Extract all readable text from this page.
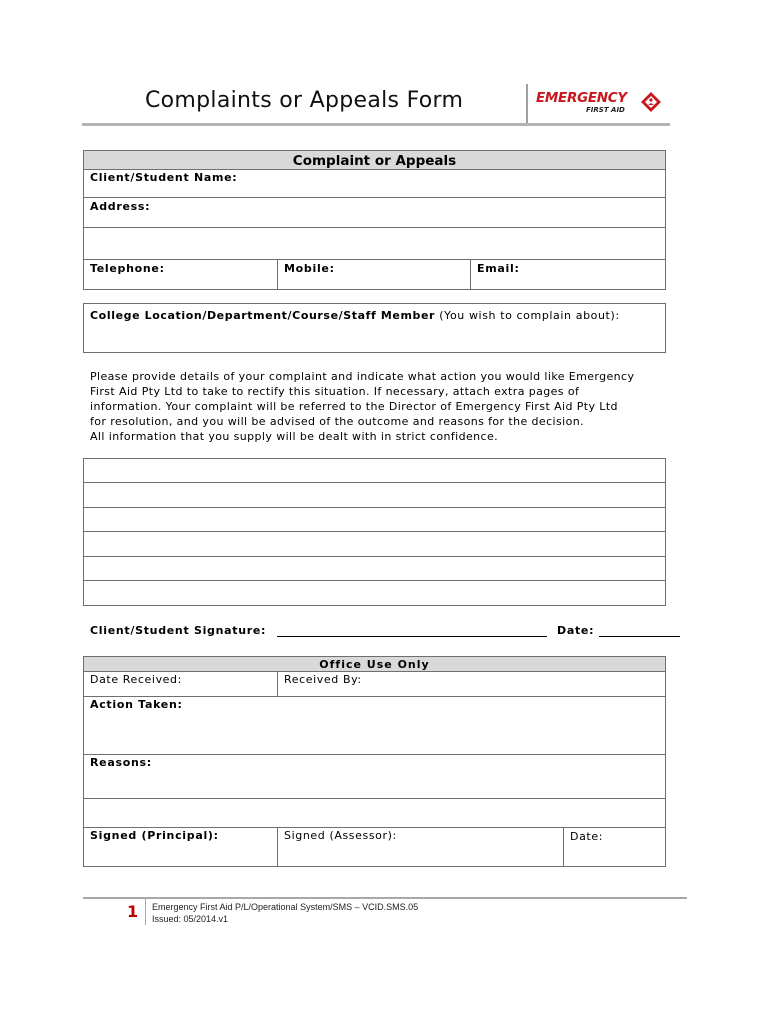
Complaints or Appeals Form	EMERGENCY
FIRST AID
Complaint or Appeals
Client/Student Name:
Address:
Telephone:	Mobile:	Email:
College Location/Department/Course/Staff Member (You wish to complain about):
Please provide details of your complaint and indicate what action you would like Emergency
First Aid Pty Ltd to take to rectify this situation. If necessary, attach extra pages of
information. Your complaint will be referred to the Director of Emergency First Aid Pty Ltd
for resolution, and you will be advised of the outcome and reasons for the decision.
All information that you supply will be dealt with in strict confidence.
Client/Student Signature:	Date:
Office Use Only
Date Received:	Received By:
Action Taken:
Reasons:
Signed (Principal):	Signed (Assessor):	Date:
1 Emergency First Aid P/L/Operational System/SMS – VCID.SMS.05
Issued: 05/2014.v1
